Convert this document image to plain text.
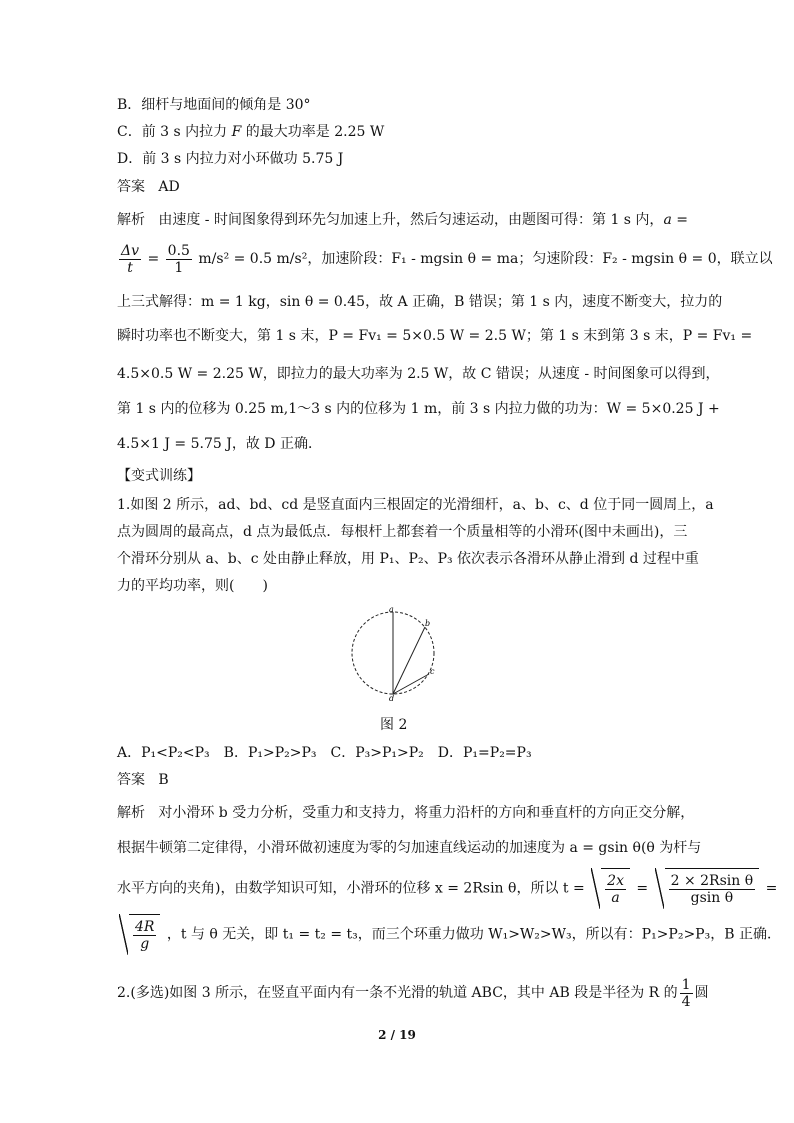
B．细杆与地面间的倾角是 30°
C．前 3 s 内拉力 F 的最大功率是 2.25 W
D．前 3 s 内拉力对小环做功 5.75 J
答案 AD
解析 由速度 - 时间图象得到环先匀加速上升，然后匀速运动，由题图可得：第 1 s 内，a =
$\frac{\Delta v}{t} = \frac{0.5}{1} m/s^2 = 0.5$ m/s²，加速阶段：F₁ - mgsin θ = ma；匀速阶段：F₂ - mgsin θ = 0，联立以
上三式解得：m = 1 kg，sin θ = 0.45，故 A 正确，B 错误；第 1 s 内，速度不断变大，拉力的
瞬时功率也不断变大，第 1 s 末，P = Fv₁ = 5×0.5 W = 2.5 W；第 1 s 末到第 3 s 末，P = Fv₁ =
4.5×0.5 W = 2.25 W，即拉力的最大功率为 2.5 W，故 C 错误；从速度 - 时间图象可以得到，
第 1 s 内的位移为 0.25 m,1～3 s 内的位移为 1 m，前 3 s 内拉力做的功为：W = 5×0.25 J +
4.5×1 J = 5.75 J，故 D 正确．
【变式训练】
1.如图 2 所示，ad、bd、cd 是竖直面内三根固定的光滑细杆，a、b、c、d 位于同一圆周上，a
点为圆周的最高点，d 点为最低点．每根杆上都套着一个质量相等的小滑环(图中未画出)，三
个滑环分别从 a、b、c 处由静止释放，用 P₁、P₂、P₃ 依次表示各滑环从静止滑到 d 过程中重
力的平均功率，则(　　)
a
b
c
d
图 2
A．P₁<P₂<P₃　B．P₁>P₂>P₃　C．P₃>P₁>P₂　D．P₁=P₂=P₃
答案 B
解析 对小滑环 b 受力分析，受重力和支持力，将重力沿杆的方向和垂直杆的方向正交分解，
根据牛顿第二定律得，小滑环做初速度为零的匀加速直线运动的加速度为 a = gsin θ(θ 为杆与
水平方向的夹角)，由数学知识可知，小滑环的位移 x = 2Rsin θ，所以 $t = \frac{2x}{a} = \frac{\text{2 × 2Rsin θ}}{\text{gsin θ}}$ =
$\frac{4R}{g}$ ，t 与 θ 无关，即 t₁ = t₂ = t₃，而三个环重力做功 W₁>W₂>W₃，所以有：P₁>P₂>P₃，B 正确．
2.(多选)如图 3 所示，在竖直平面内有一条不光滑的轨道 ABC，其中 AB 段是半径为 R 的 $\frac{1}{4}$ 圆
2 / 19
